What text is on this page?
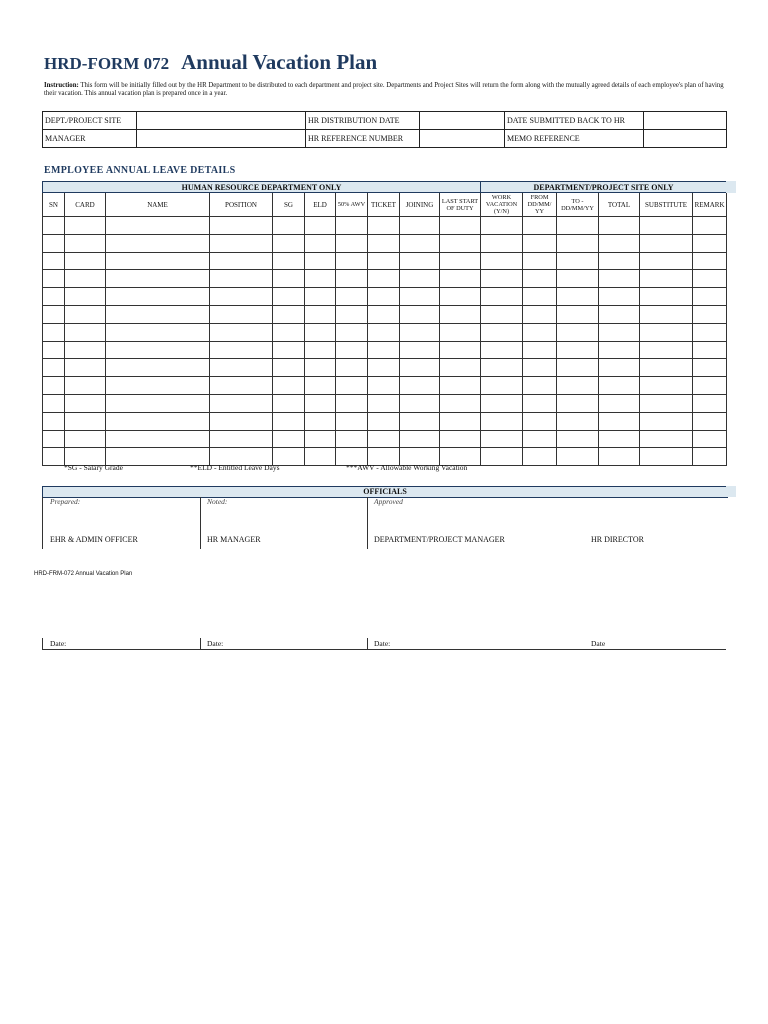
HRD-FORM 072 Annual Vacation Plan
Instruction: This form will be initially filled out by the HR Department to be distributed to each department and project site. Departments and Project Sites will return the form along with the mutually agreed details of each employee's plan of having their vacation. This annual vacation plan is prepared once in a year.
DEPT./PROJECT SITE		HR DISTRIBUTION DATE		DATE SUBMITTED BACK TO HR	
MANAGER		HR REFERENCE NUMBER		MEMO REFERENCE	
EMPLOYEE ANNUAL LEAVE DETAILS
HUMAN RESOURCE DEPARTMENT ONLY										DEPARTMENT/PROJECT SITE ONLY					
SN	CARD	NAME	POSITION	SG	ELD	50% AWV	TICKET	JOINING	LAST START OF DUTY	WORK VACATION (Y/N)	FROM DD/MM/ YY	TO - DD/MM/YY	TOTAL	SUBSTITUTE	REMARK

*SG - Salary Grade	**ELD - Entitled Leave Days	***AWV - Allowable Working Vacation
OFFICIALS
Prepared:	Noted:	Approved
EHR & ADMIN OFFICER	HR MANAGER	DEPARTMENT/PROJECT MANAGER	HR DIRECTOR
HRD-FRM-072 Annual Vacation Plan
Date:	Date:	Date:	Date
